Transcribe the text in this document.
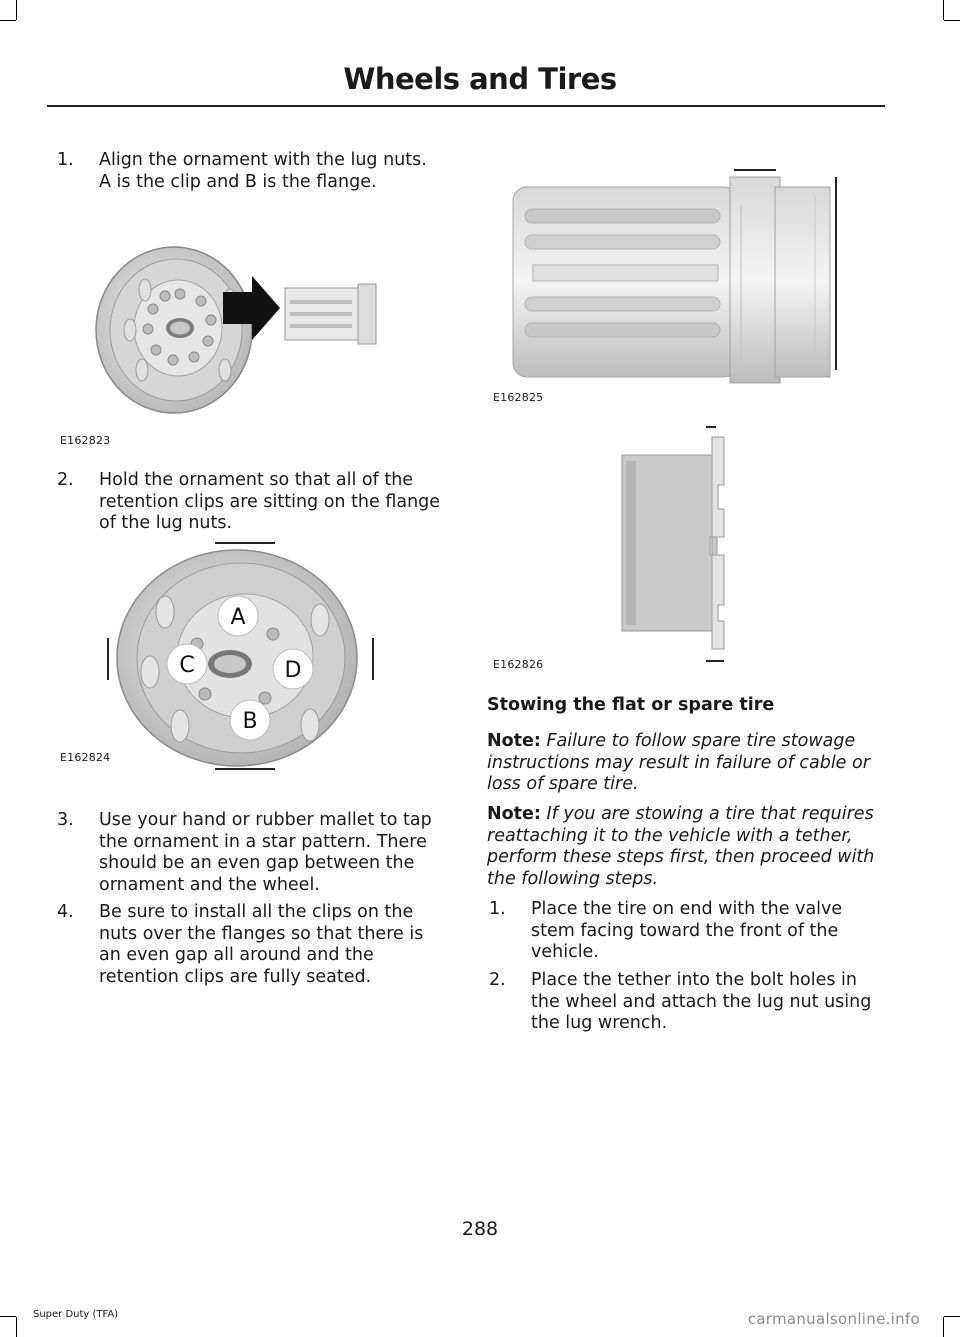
Wheels and Tires
1. Align the ornament with the lug nuts.
A is the clip and B is the flange.
E162823
2. Hold the ornament so that all of the
retention clips are sitting on the flange
of the lug nuts.
A
B
C	D
E162824
3. Use your hand or rubber mallet to tap
the ornament in a star pattern. There
should be an even gap between the
ornament and the wheel.
4. Be sure to install all the clips on the
nuts over the flanges so that there is
an even gap all around and the
retention clips are fully seated.
E162825
E162826
Stowing the flat or spare tire
Note: Failure to follow spare tire stowage instructions may result in failure of cable or loss of spare tire.
Note: If you are stowing a tire that requires reattaching it to the vehicle with a tether, perform these steps first, then proceed with the following steps.
1. Place the tire on end with the valve
stem facing toward the front of the
vehicle.
2. Place the tether into the bolt holes in
the wheel and attach the lug nut using
the lug wrench.
288
Super Duty (TFA)	carmanualsonline.info
